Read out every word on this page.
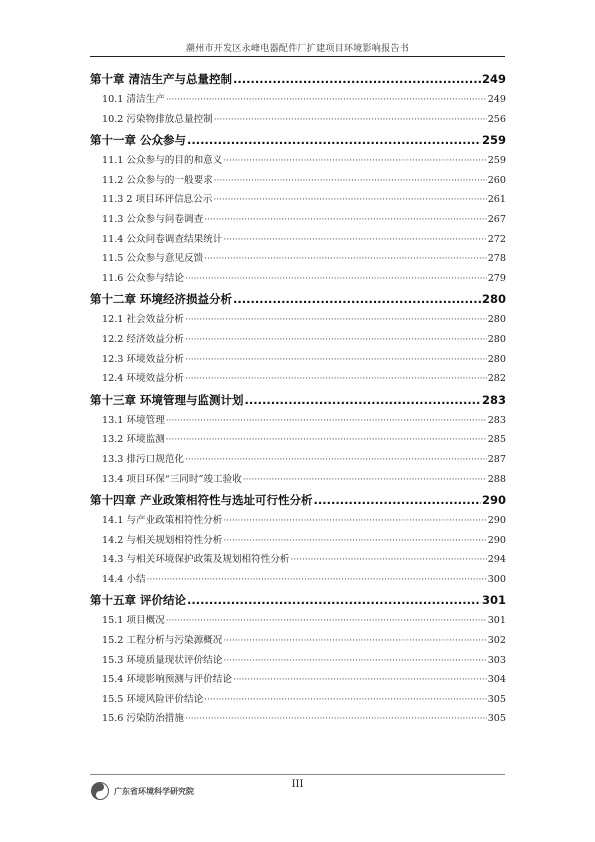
潮州市开发区永峰电器配件厂扩建项目环境影响报告书
第十章 清洁生产与总量控制 .....	249
10.1 清洁生产 ·····	249
10.2 污染物排放总量控制 ·····	256
第十一章 公众参与 .....	259
11.1 公众参与的目的和意义 ·····	259
11.2 公众参与的一般要求 ·····	260
11.3 2 项目环评信息公示 ·····	261
11.3 公众参与问卷调查 ·····	267
11.4 公众问卷调查结果统计 ·····	272
11.5 公众参与意见反馈 ·····	278
11.6 公众参与结论 ·····	279
第十二章 环境经济损益分析 .....	280
12.1 社会效益分析 ·····	280
12.2 经济效益分析 ·····	280
12.3 环境效益分析 ·····	280
12.4 环境效益分析 ·····	282
第十三章 环境管理与监测计划 .....	283
13.1 环境管理 ·····	283
13.2 环境监测 ·····	285
13.3 排污口规范化 ·····	287
13.4 项目环保“三同时”竣工验收 ·····	288
第十四章 产业政策相符性与选址可行性分析 .....	290
14.1 与产业政策相符性分析 ·····	290
14.2 与相关规划相符性分析 ·····	290
14.3 与相关环境保护政策及规划相符性分析 ·····	294
14.4 小结 ·····	300
第十五章 评价结论 .....	301
15.1 项目概况 ·····	301
15.2 工程分析与污染源概况 ·····	302
15.3 环境质量现状评价结论 ·····	303
15.4 环境影响预测与评价结论 ·····	304
15.5 环境风险评价结论 ·····	305
15.6 污染防治措施 ·····	305
广东省环境科学研究院
III
